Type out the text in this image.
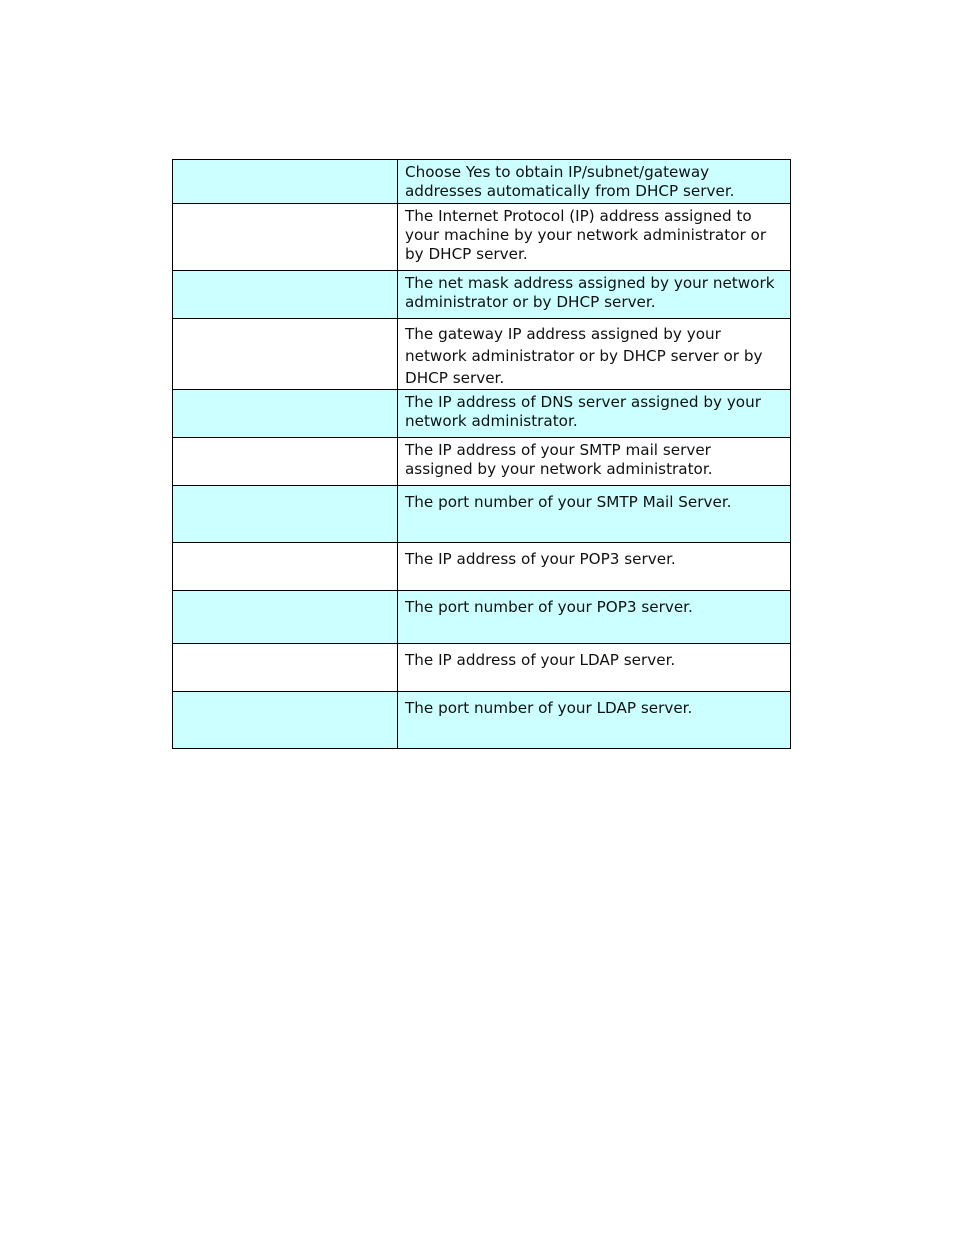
	Choose Yes to obtain IP/subnet/gateway addresses automatically from DHCP server.
	The Internet Protocol (IP) address assigned to your machine by your network administrator or by DHCP server.
	The net mask address assigned by your network administrator or by DHCP server.
	The gateway IP address assigned by your network administrator or by DHCP server or by DHCP server.
	The IP address of DNS server assigned by your network administrator.
	The IP address of your SMTP mail server assigned by your network administrator.
	The port number of your SMTP Mail Server.
	The IP address of your POP3 server.
	The port number of your POP3 server.
	The IP address of your LDAP server.
	The port number of your LDAP server.
